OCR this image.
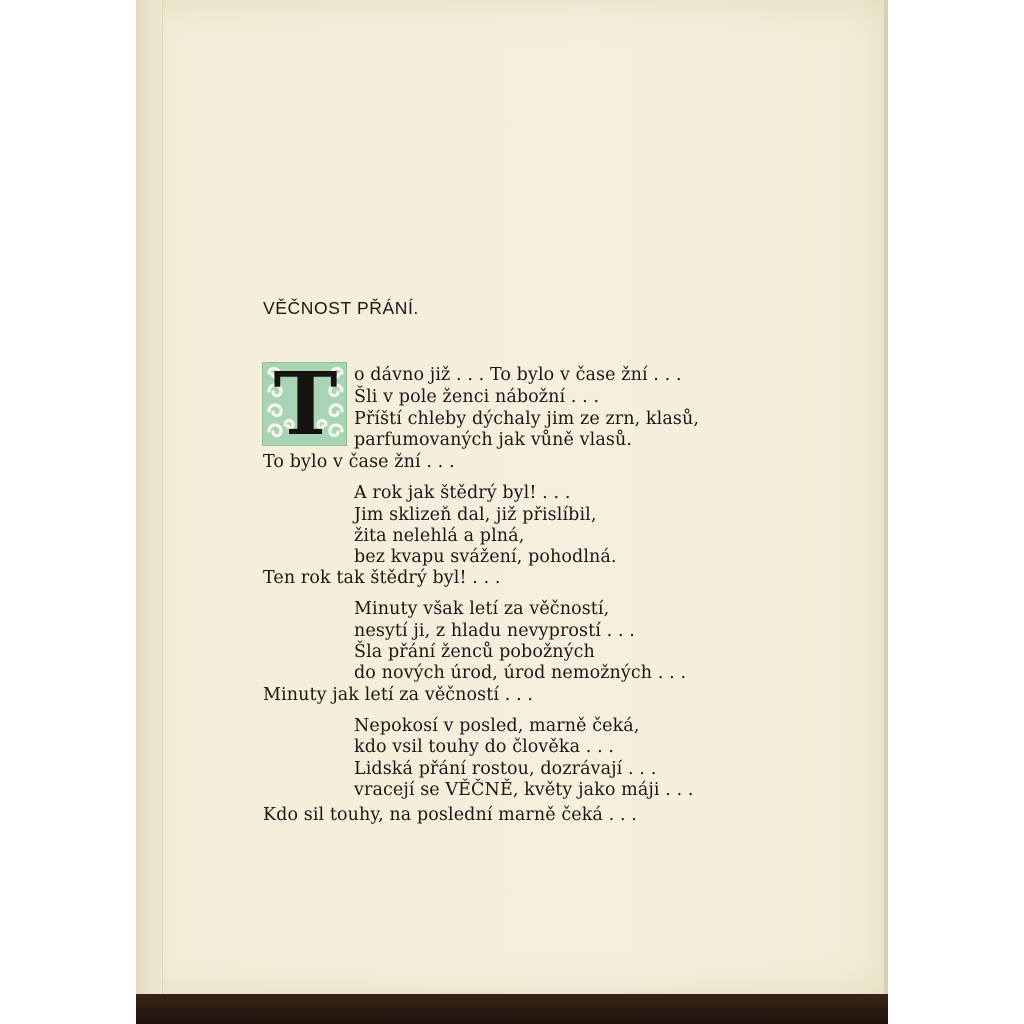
VĚČNOST PŘÁNÍ.
T o dávno již . . . To bylo v čase žní . . .
Šli v pole ženci nábožní . . .
Příští chleby dýchaly jim ze zrn, klasů,
parfumovaných jak vůně vlasů.
To bylo v čase žní . . .
A rok jak štědrý byl! . . .
Jim sklizeň dal, již přislíbil,
žita nelehlá a plná,
bez kvapu svážení, pohodlná.
Ten rok tak štědrý byl! . . .
Minuty však letí za věčností,
nesytí ji, z hladu nevyprostí . . .
Šla přání ženců pobožných
do nových úrod, úrod nemožných . . .
Minuty jak letí za věčností . . .
Nepokosí v posled, marně čeká,
kdo vsil touhy do člověka . . .
Lidská přání rostou, dozrávají . . .
vracejí se VĚČNĚ, květy jako máji . . .
Kdo sil touhy, na poslední marně čeká . . .
